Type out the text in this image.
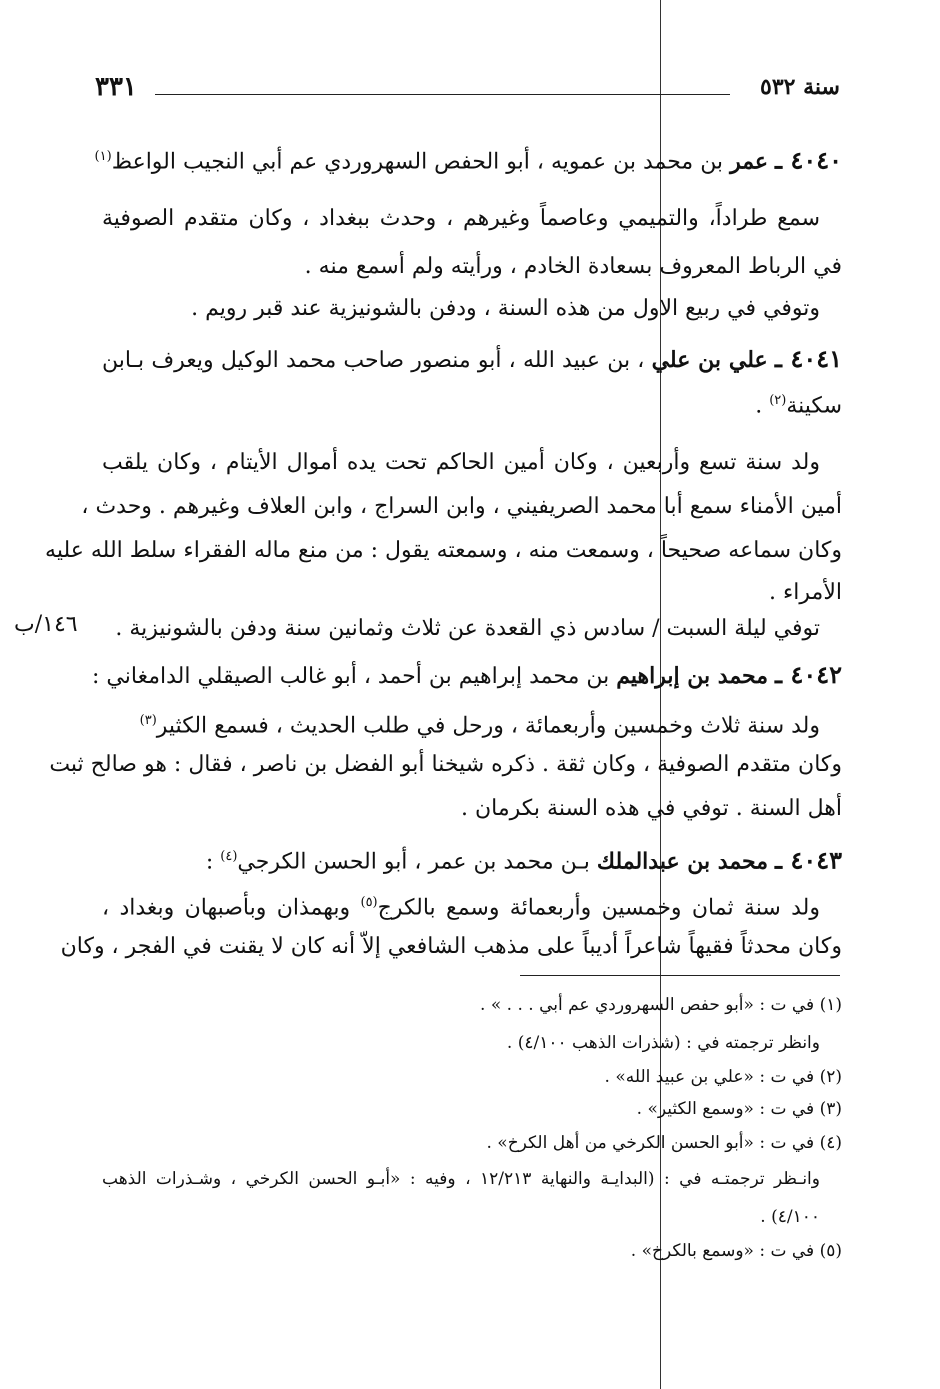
٣٣١	سنة ٥٣٢
٤٠٤٠ ـ عمر بن محمد بن عمويه ، أبو الحفص السهروردي عم أبي النجيب الواعظ$^{(١)}$
سمع طراداً، والتميمي وعاصماً وغيرهم ، وحدث ببغداد ، وكان متقدم الصوفية
في الرباط المعروف بسعادة الخادم ، ورأيته ولم أسمع منه .
وتوفي في ربيع الاول من هذه السنة ، ودفن بالشونيزية عند قبر رويم .
٤٠٤١ ـ علي بن علي ، بن عبيد الله ، أبو منصور صاحب محمد الوكيل ويعرف بـابن
سكينة$^{(٢)}$ .
ولد سنة تسع وأربعين ، وكان أمين الحاكم تحت يده أموال الأيتام ، وكان يلقب
أمين الأمناء سمع أبا محمد الصريفيني ، وابن السراج ، وابن العلاف وغيرهم . وحدث ،
وكان سماعه صحيحاً ، وسمعت منه ، وسمعته يقول : من منع ماله الفقراء سلط الله عليه
الأمراء .
توفي ليلة السبت / سادس ذي القعدة عن ثلاث وثمانين سنة ودفن بالشونيزية .
١٤٦/ب
٤٠٤٢ ـ محمد بن إبراهيم بن محمد إبراهيم بن أحمد ، أبو غالب الصيقلي الدامغاني :
ولد سنة ثلاث وخمسين وأربعمائة ، ورحل في طلب الحديث ، فسمع الكثير$^{(٣)}$
وكان متقدم الصوفية ، وكان ثقة . ذكره شيخنا أبو الفضل بن ناصر ، فقال : هو صالح ثبت
أهل السنة . توفي في هذه السنة بكرمان .
٤٠٤٣ ـ محمد بن عبدالملك بـن محمد بن عمر ، أبو الحسن الكرجي$^{(٤)}$ :
ولد سنة ثمان وخمسين وأربعمائة وسمع بالكرج$^{(٥)}$ وبهمذان وبأصبهان وبغداد ،
وكان محدثاً فقيهاً شاعراً أديباً على مذهب الشافعي إلاّ أنه كان لا يقنت في الفجر ، وكان
(١) في ت : «أبو حفص السهروردي عم أبي . . . » .
وانظر ترجمته في : (شذرات الذهب ٤/١٠٠) .
(٢) في ت : «علي بن عبيد الله» .
(٣) في ت : «وسمع الكثير» .
(٤) في ت : «أبو الحسن الكرخي من أهل الكرخ» .
وانـظر ترجمتـه في : (البدايـة والنهاية ١٢/٢١٣ ، وفيه : «أبـو الحسن الكرخي ، وشـذرات الذهب
٤/١٠٠) .
(٥) في ت : «وسمع بالكرخ» .
